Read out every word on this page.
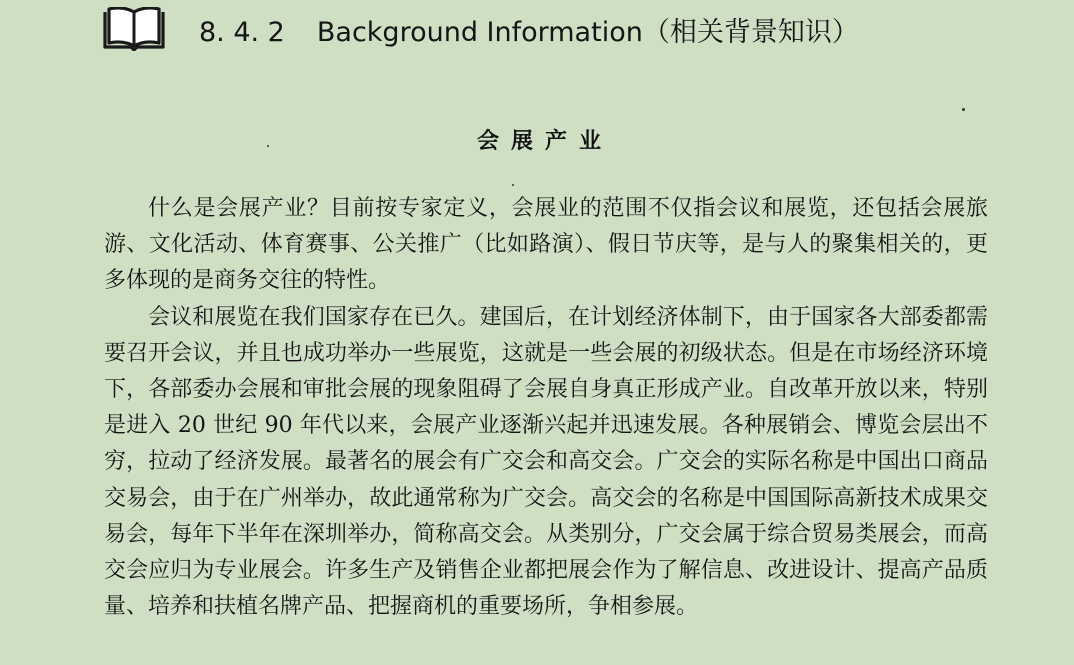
8. 4. 2 Background Information（相关背景知识）
会展产业

什么是会展产业？目前按专家定义，会展业的范围不仅指会议和展览，还包括会展旅游、文化活动、体育赛事、公关推广（比如路演）、假日节庆等，是与人的聚集相关的，更多体现的是商务交往的特性。

会议和展览在我们国家存在已久。建国后，在计划经济体制下，由于国家各大部委都需要召开会议，并且也成功举办一些展览，这就是一些会展的初级状态。但是在市场经济环境下，各部委办会展和审批会展的现象阻碍了会展自身真正形成产业。自改革开放以来，特别是进入 20 世纪 90 年代以来，会展产业逐渐兴起并迅速发展。各种展销会、博览会层出不穷，拉动了经济发展。最著名的展会有广交会和高交会。广交会的实际名称是中国出口商品交易会，由于在广州举办，故此通常称为广交会。高交会的名称是中国国际高新技术成果交易会，每年下半年在深圳举办，简称高交会。从类别分，广交会属于综合贸易类展会，而高交会应归为专业展会。许多生产及销售企业都把展会作为了解信息、改进设计、提高产品质量、培养和扶植名牌产品、把握商机的重要场所，争相参展。
